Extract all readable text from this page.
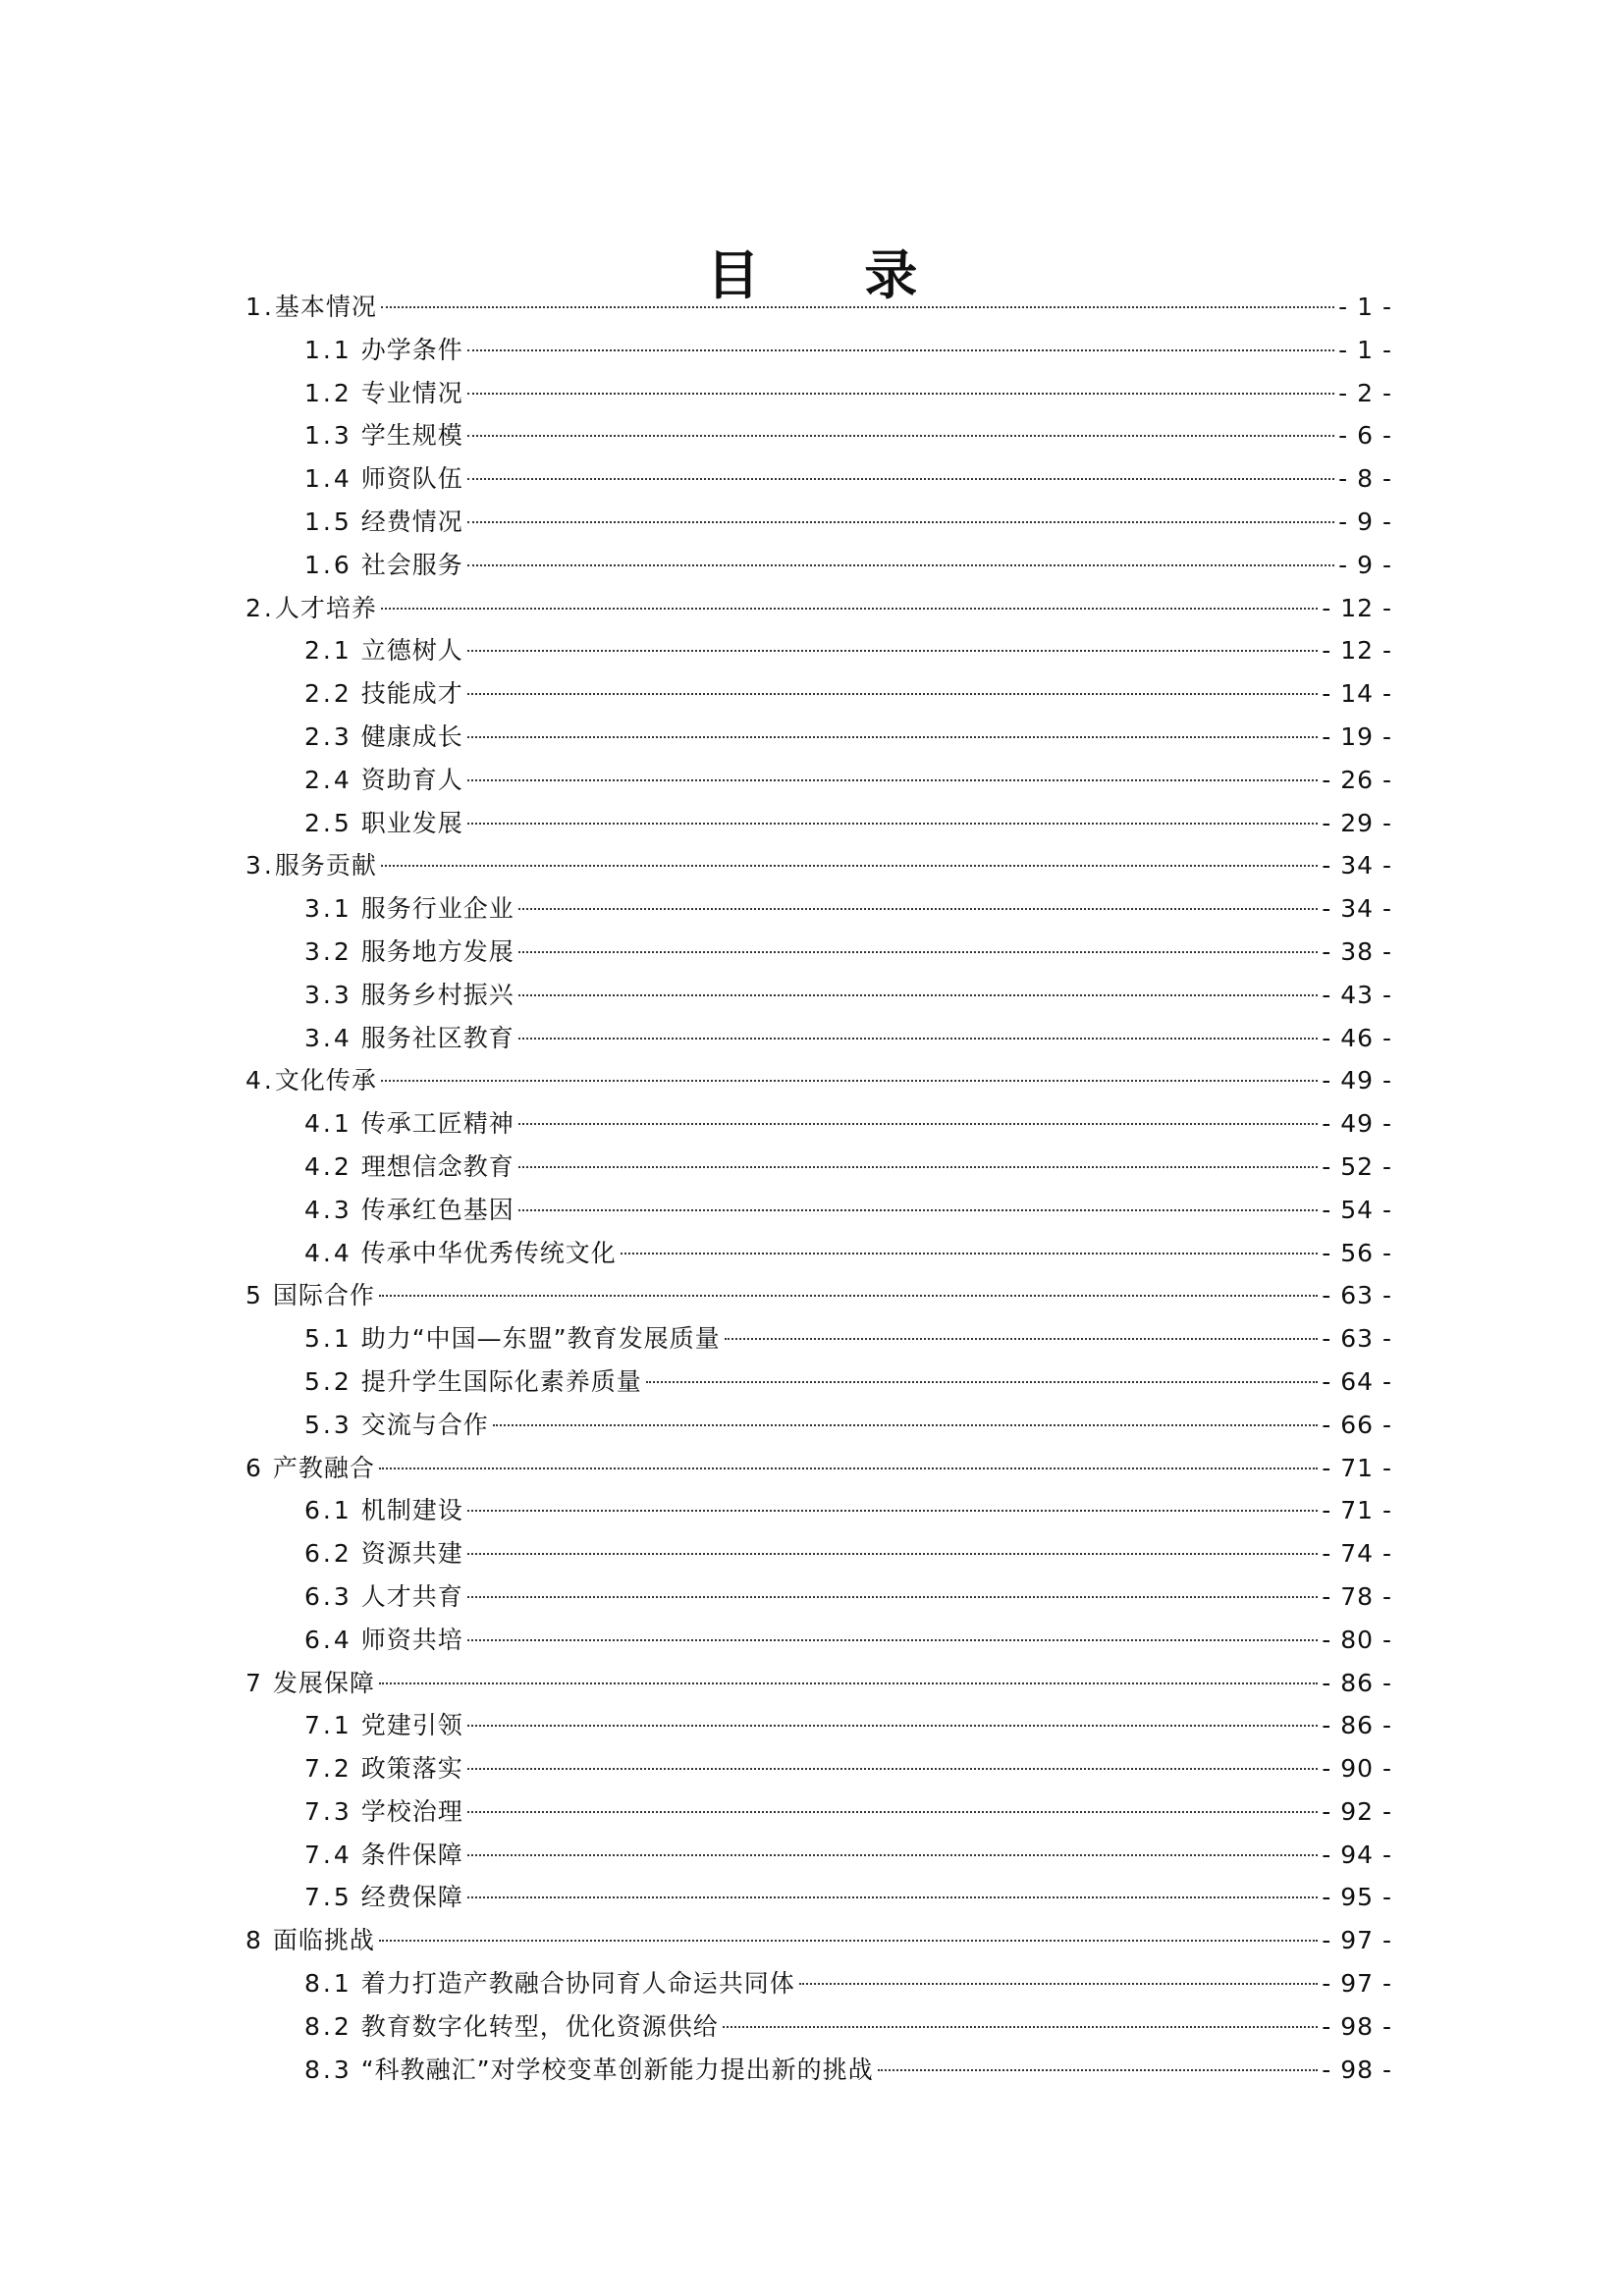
目 录
1.基本情况	- 1 -
1.1 办学条件	- 1 -
1.2 专业情况	- 2 -
1.3 学生规模	- 6 -
1.4 师资队伍	- 8 -
1.5 经费情况	- 9 -
1.6 社会服务	- 9 -
2.人才培养	- 12 -
2.1 立德树人	- 12 -
2.2 技能成才	- 14 -
2.3 健康成长	- 19 -
2.4 资助育人	- 26 -
2.5 职业发展	- 29 -
3.服务贡献	- 34 -
3.1 服务行业企业	- 34 -
3.2 服务地方发展	- 38 -
3.3 服务乡村振兴	- 43 -
3.4 服务社区教育	- 46 -
4.文化传承	- 49 -
4.1 传承工匠精神	- 49 -
4.2 理想信念教育	- 52 -
4.3 传承红色基因	- 54 -
4.4 传承中华优秀传统文化	- 56 -
5 国际合作	- 63 -
5.1 助力“中国—东盟”教育发展质量	- 63 -
5.2 提升学生国际化素养质量	- 64 -
5.3 交流与合作	- 66 -
6 产教融合	- 71 -
6.1 机制建设	- 71 -
6.2 资源共建	- 74 -
6.3 人才共育	- 78 -
6.4 师资共培	- 80 -
7 发展保障	- 86 -
7.1 党建引领	- 86 -
7.2 政策落实	- 90 -
7.3 学校治理	- 92 -
7.4 条件保障	- 94 -
7.5 经费保障	- 95 -
8 面临挑战	- 97 -
8.1 着力打造产教融合协同育人命运共同体	- 97 -
8.2 教育数字化转型，优化资源供给	- 98 -
8.3 “科教融汇”对学校变革创新能力提出新的挑战	- 98 -
